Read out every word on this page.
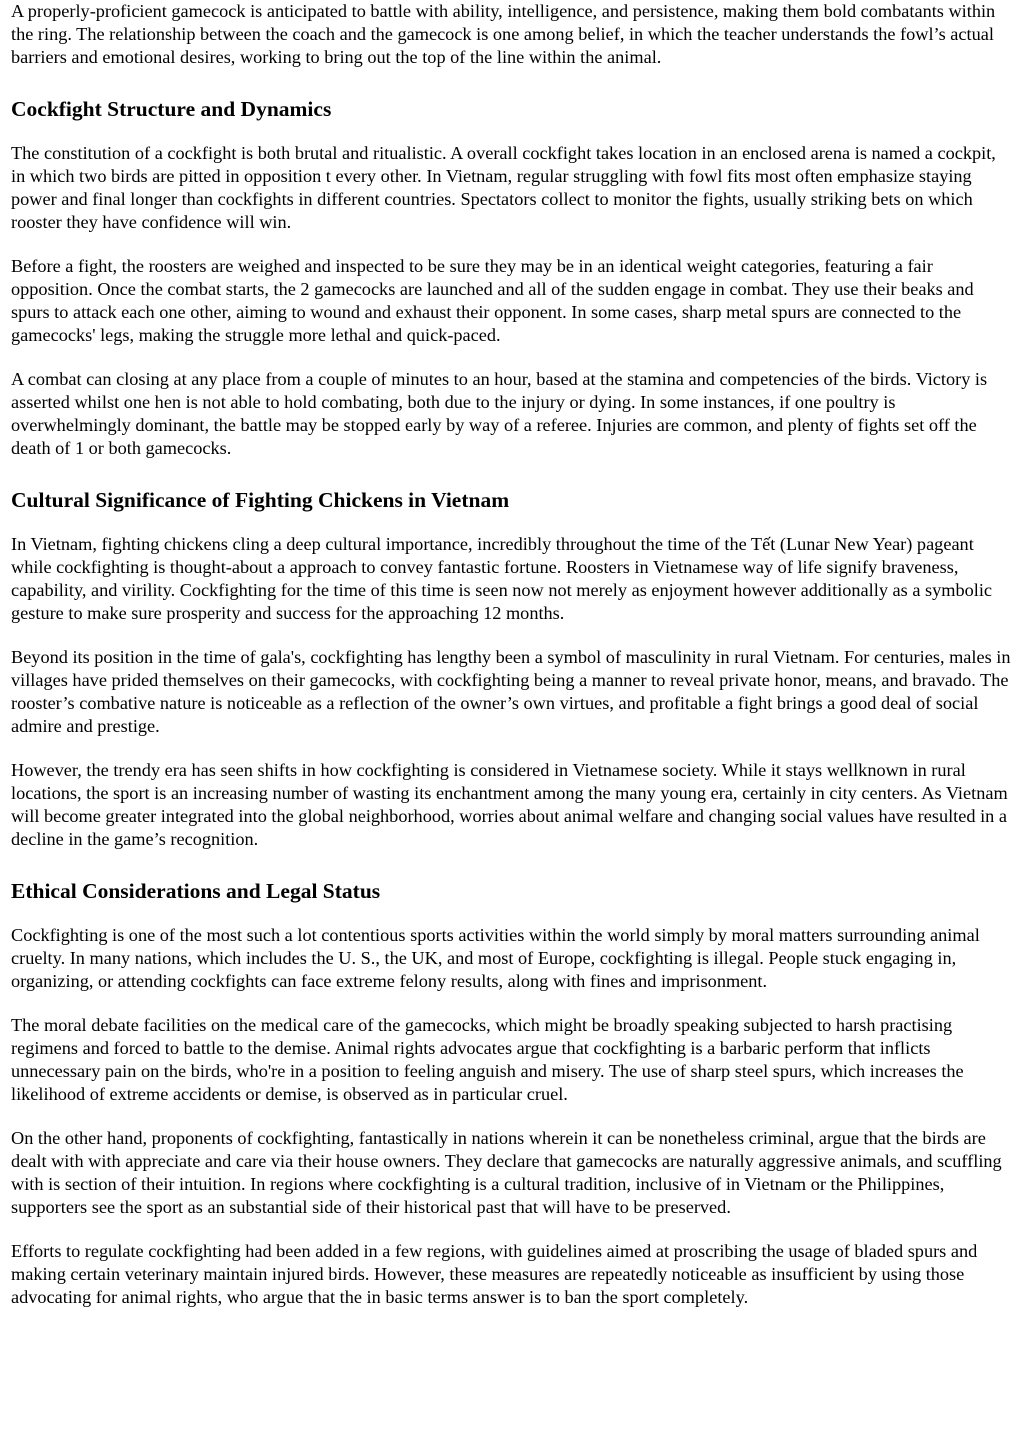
A properly-proficient gamecock is anticipated to battle with ability, intelligence, and persistence, making them bold combatants within the ring. The relationship between the coach and the gamecock is one among belief, in which the teacher understands the fowl’s actual barriers and emotional desires, working to bring out the top of the line within the animal.

Cockfight Structure and Dynamics

The constitution of a cockfight is both brutal and ritualistic. A overall cockfight takes location in an enclosed arena is named a cockpit, in which two birds are pitted in opposition t every other. In Vietnam, regular struggling with fowl fits most often emphasize staying power and final longer than cockfights in different countries. Spectators collect to monitor the fights, usually striking bets on which rooster they have confidence will win.

Before a fight, the roosters are weighed and inspected to be sure they may be in an identical weight categories, featuring a fair opposition. Once the combat starts, the 2 gamecocks are launched and all of the sudden engage in combat. They use their beaks and spurs to attack each one other, aiming to wound and exhaust their opponent. In some cases, sharp metal spurs are connected to the gamecocks' legs, making the struggle more lethal and quick-paced.

A combat can closing at any place from a couple of minutes to an hour, based at the stamina and competencies of the birds. Victory is asserted whilst one hen is not able to hold combating, both due to the injury or dying. In some instances, if one poultry is overwhelmingly dominant, the battle may be stopped early by way of a referee. Injuries are common, and plenty of fights set off the death of 1 or both gamecocks.

Cultural Significance of Fighting Chickens in Vietnam

In Vietnam, fighting chickens cling a deep cultural importance, incredibly throughout the time of the Tết (Lunar New Year) pageant while cockfighting is thought-about a approach to convey fantastic fortune. Roosters in Vietnamese way of life signify braveness, capability, and virility. Cockfighting for the time of this time is seen now not merely as enjoyment however additionally as a symbolic gesture to make sure prosperity and success for the approaching 12 months.

Beyond its position in the time of gala's, cockfighting has lengthy been a symbol of masculinity in rural Vietnam. For centuries, males in villages have prided themselves on their gamecocks, with cockfighting being a manner to reveal private honor, means, and bravado. The rooster’s combative nature is noticeable as a reflection of the owner’s own virtues, and profitable a fight brings a good deal of social admire and prestige.

However, the trendy era has seen shifts in how cockfighting is considered in Vietnamese society. While it stays wellknown in rural locations, the sport is an increasing number of wasting its enchantment among the many young era, certainly in city centers. As Vietnam will become greater integrated into the global neighborhood, worries about animal welfare and changing social values have resulted in a decline in the game’s recognition.

Ethical Considerations and Legal Status

Cockfighting is one of the most such a lot contentious sports activities within the world simply by moral matters surrounding animal cruelty. In many nations, which includes the U. S., the UK, and most of Europe, cockfighting is illegal. People stuck engaging in, organizing, or attending cockfights can face extreme felony results, along with fines and imprisonment.

The moral debate facilities on the medical care of the gamecocks, which might be broadly speaking subjected to harsh practising regimens and forced to battle to the demise. Animal rights advocates argue that cockfighting is a barbaric perform that inflicts unnecessary pain on the birds, who're in a position to feeling anguish and misery. The use of sharp steel spurs, which increases the likelihood of extreme accidents or demise, is observed as in particular cruel.

On the other hand, proponents of cockfighting, fantastically in nations wherein it can be nonetheless criminal, argue that the birds are dealt with with appreciate and care via their house owners. They declare that gamecocks are naturally aggressive animals, and scuffling with is section of their intuition. In regions where cockfighting is a cultural tradition, inclusive of in Vietnam or the Philippines, supporters see the sport as an substantial side of their historical past that will have to be preserved.

Efforts to regulate cockfighting had been added in a few regions, with guidelines aimed at proscribing the usage of bladed spurs and making certain veterinary maintain injured birds. However, these measures are repeatedly noticeable as insufficient by using those advocating for animal rights, who argue that the in basic terms answer is to ban the sport completely.
